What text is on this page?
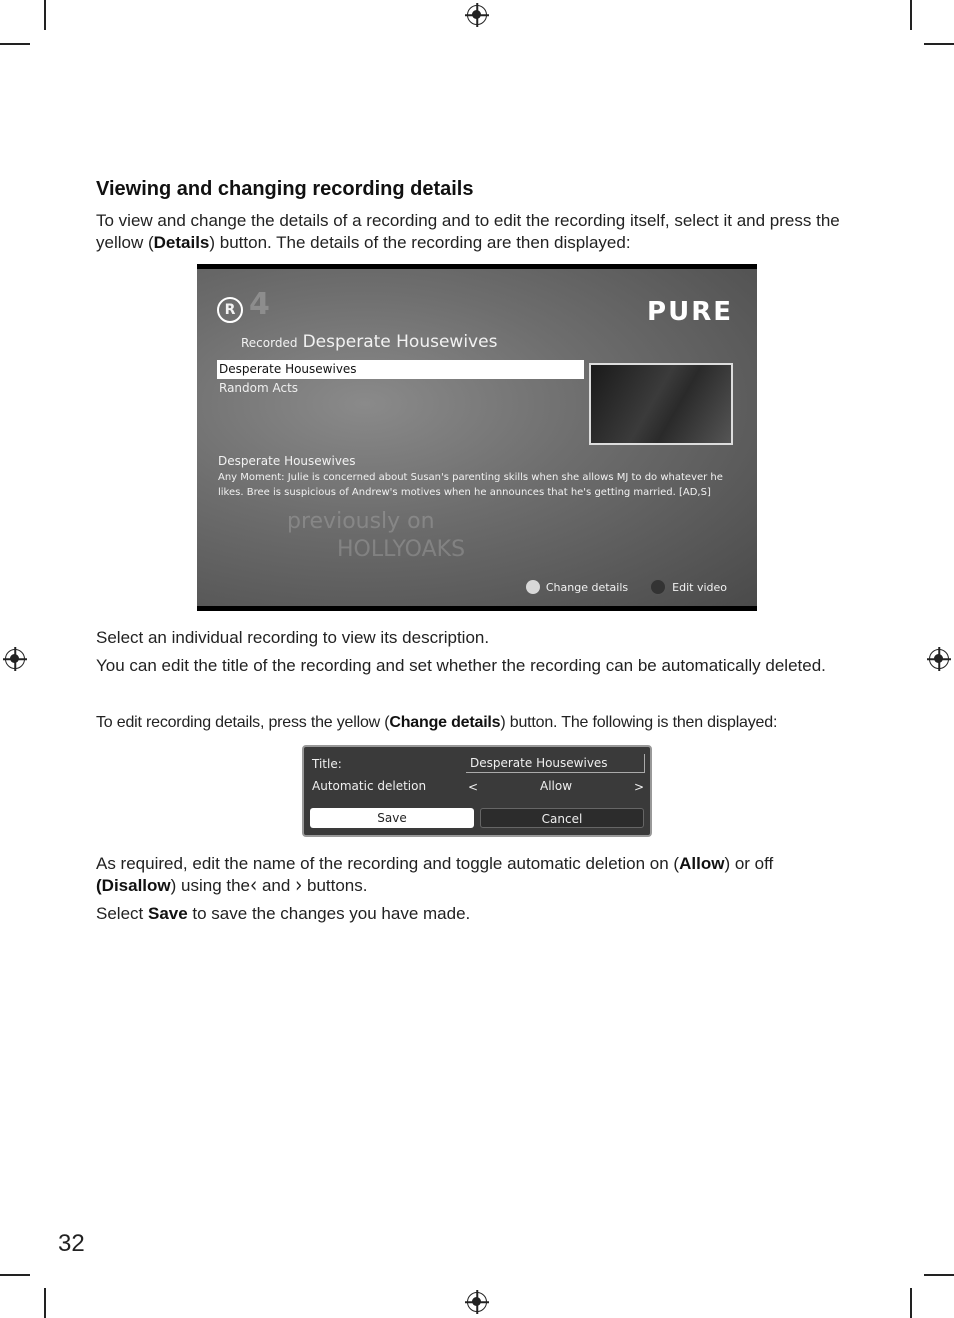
Viewing and changing recording details

To view and change the details of a recording and to edit the recording itself, select it and press the yellow (Details) button. The details of the recording are then displayed:

R 4	PURE
Recorded Desperate Housewives
Desperate Housewives
Random Acts
Desperate Housewives
Any Moment: Julie is concerned about Susan's parenting skills when she allows MJ to do whatever he likes. Bree is suspicious of Andrew's motives when he announces that he's getting married. [AD,S]
previously on
HOLLYOAKS
Change details	Edit video

Select an individual recording to view its description.

You can edit the title of the recording and set whether the recording can be automatically deleted.

To edit recording details, press the yellow (Change details) button. The following is then displayed:

Title:	Desperate Housewives
Automatic deletion	<	Allow	>
Save	Cancel

As required, edit the name of the recording and toggle automatic deletion on (Allow) or off (Disallow) using the‹ and › buttons.

Select Save to save the changes you have made.

32
